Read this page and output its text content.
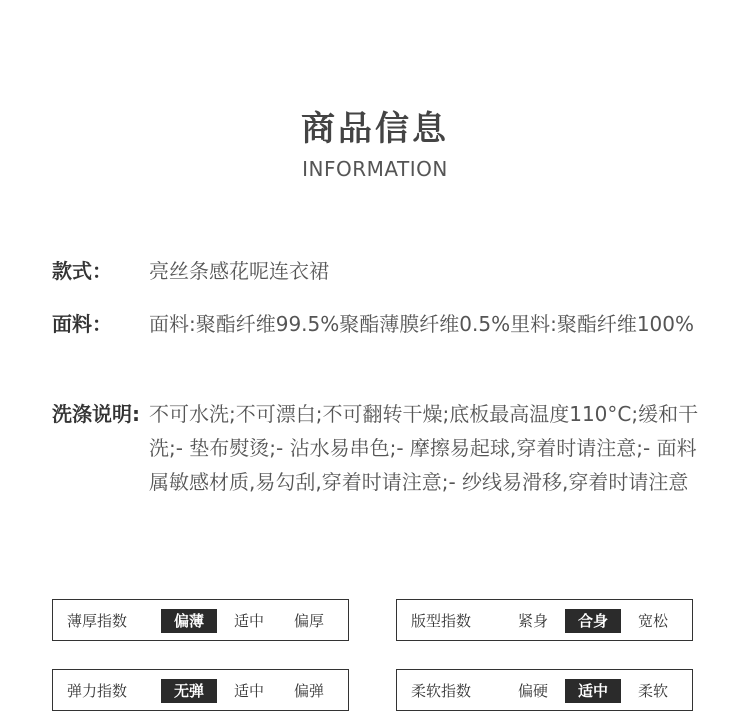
商品信息
INFORMATION
款式： 亮丝条感花呢连衣裙
面料： 面料:聚酯纤维99.5%聚酯薄膜纤维0.5%里料:聚酯纤维100%
洗涤说明: 不可水洗;不可漂白;不可翻转干燥;底板最高温度110°C;缓和干洗;- 垫布熨烫;- 沾水易串色;- 摩擦易起球,穿着时请注意;- 面料属敏感材质,易勾刮,穿着时请注意;- 纱线易滑移,穿着时请注意
薄厚指数	偏薄	适中	偏厚	版型指数	紧身	合身	宽松
弹力指数	无弹	适中	偏弹	柔软指数	偏硬	适中	柔软
